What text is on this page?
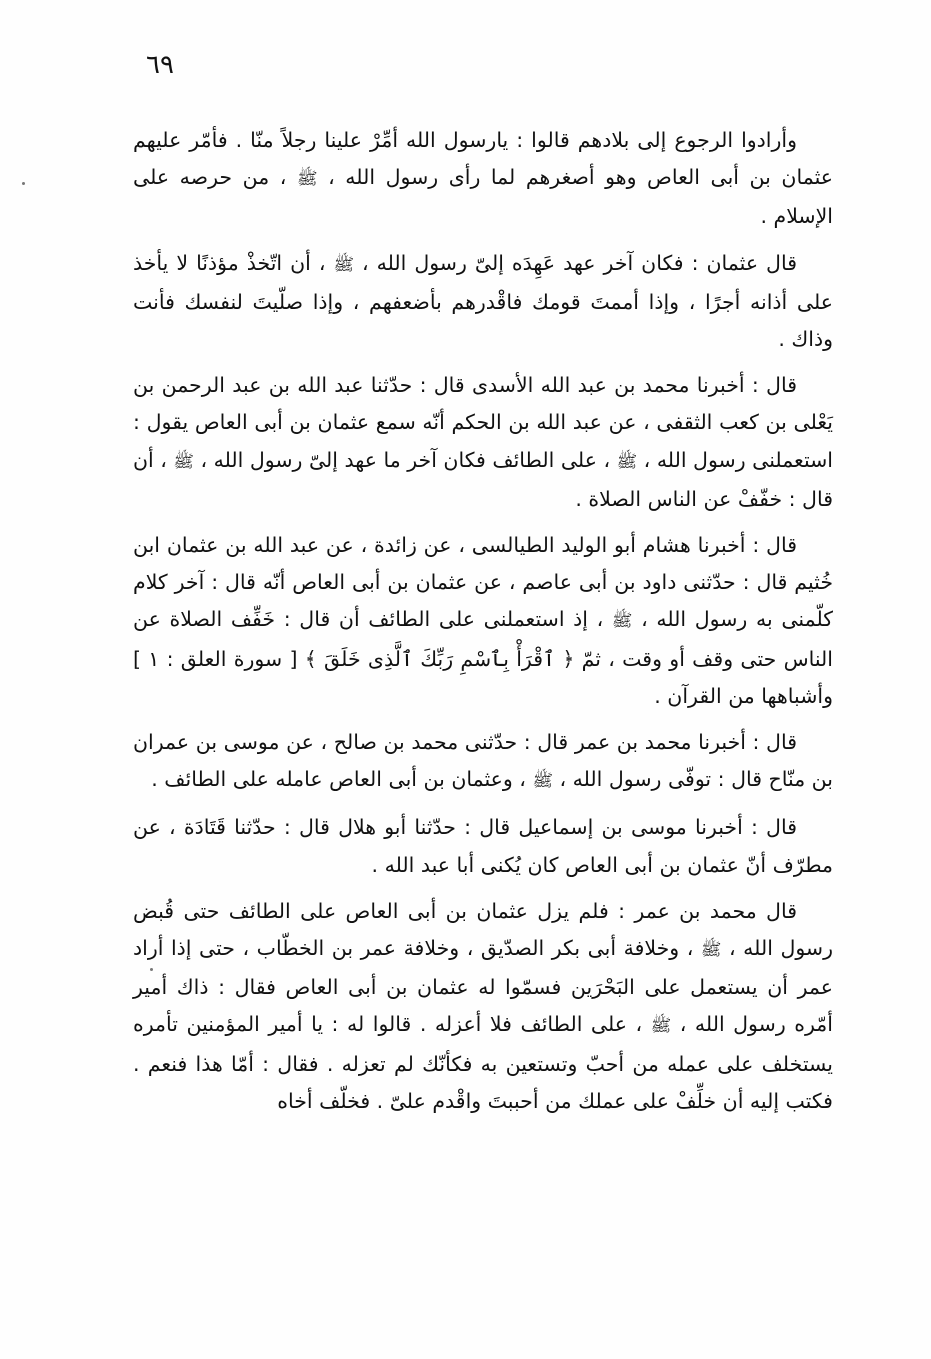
٦٩

وأرادوا الرجوع إلى بلادهم قالوا : يارسول الله أمِّرْ علينا رجلاً منّا . فأمّر عليهم عثمان بن أبى العاص وهو أصغرهم لما رأى رسول الله ، ﷺ ، من حرصه على الإسلام .

قال عثمان : فكان آخر عهد عَهِدَه إلىّ رسول الله ، ﷺ ، أن اتّخذْ مؤذنًا لا يأخذ على أذانه أجرًا ، وإذا أممتَ قومك فاقْدرهم بأضعفهم ، وإذا صلّيتَ لنفسك فأنت وذاك .

قال : أخبرنا محمد بن عبد الله الأسدى قال : حدّثنا عبد الله بن عبد الرحمن بن يَعْلى بن كعب الثقفى ، عن عبد الله بن الحكم أنّه سمع عثمان بن أبى العاص يقول : استعملنى رسول الله ، ﷺ ، على الطائف فكان آخر ما عهد إلىّ رسول الله ، ﷺ ، أن قال : خفّفْ عن الناس الصلاة .

قال : أخبرنا هشام أبو الوليد الطيالسى ، عن زائدة ، عن عبد الله بن عثمان ابن خُثيم قال : حدّثنى داود بن أبى عاصم ، عن عثمان بن أبى العاص أنّه قال : آخر كلام كلّمنى به رسول الله ، ﷺ ، إذ استعملنى على الطائف أن قال : خَفِّف الصلاة عن الناس حتى وقف أو وقت ، ثمّ ﴿ ٱقْرَأْ بِٱسْمِ رَبِّكَ ٱلَّذِى خَلَقَ ﴾ [ سورة العلق : ١ ] وأشباهها من القرآن .

قال : أخبرنا محمد بن عمر قال : حدّثنى محمد بن صالح ، عن موسى بن عمران بن منّاح قال : توفّى رسول الله ، ﷺ ، وعثمان بن أبى العاص عامله على الطائف .

قال : أخبرنا موسى بن إسماعيل قال : حدّثنا أبو هلال قال : حدّثنا قَتَادَة ، عن مطرّف أنّ عثمان بن أبى العاص كان يُكنى أبا عبد الله .

قال محمد بن عمر : فلم يزل عثمان بن أبى العاص على الطائف حتى قُبض رسول الله ، ﷺ ، وخلافة أبى بكر الصدّيق ، وخلافة عمر بن الخطّاب ، حتى إذا أراد عمر أن يستعمل على البَحْرَين فسمّوا له عثمان بن أبى العاص فقال : ذاك أمير أمّره رسول الله ، ﷺ ، على الطائف فلا أعزله . قالوا له : يا أمير المؤمنين تأمره يستخلف على عمله من أحبّ وتستعين به فكأنّك لم تعزله . فقال : أمّا هذا فنعم . فكتب إليه أن خلِّفْ على عملك من أحببتَ واقْدم علىّ . فخلّف أخاه
